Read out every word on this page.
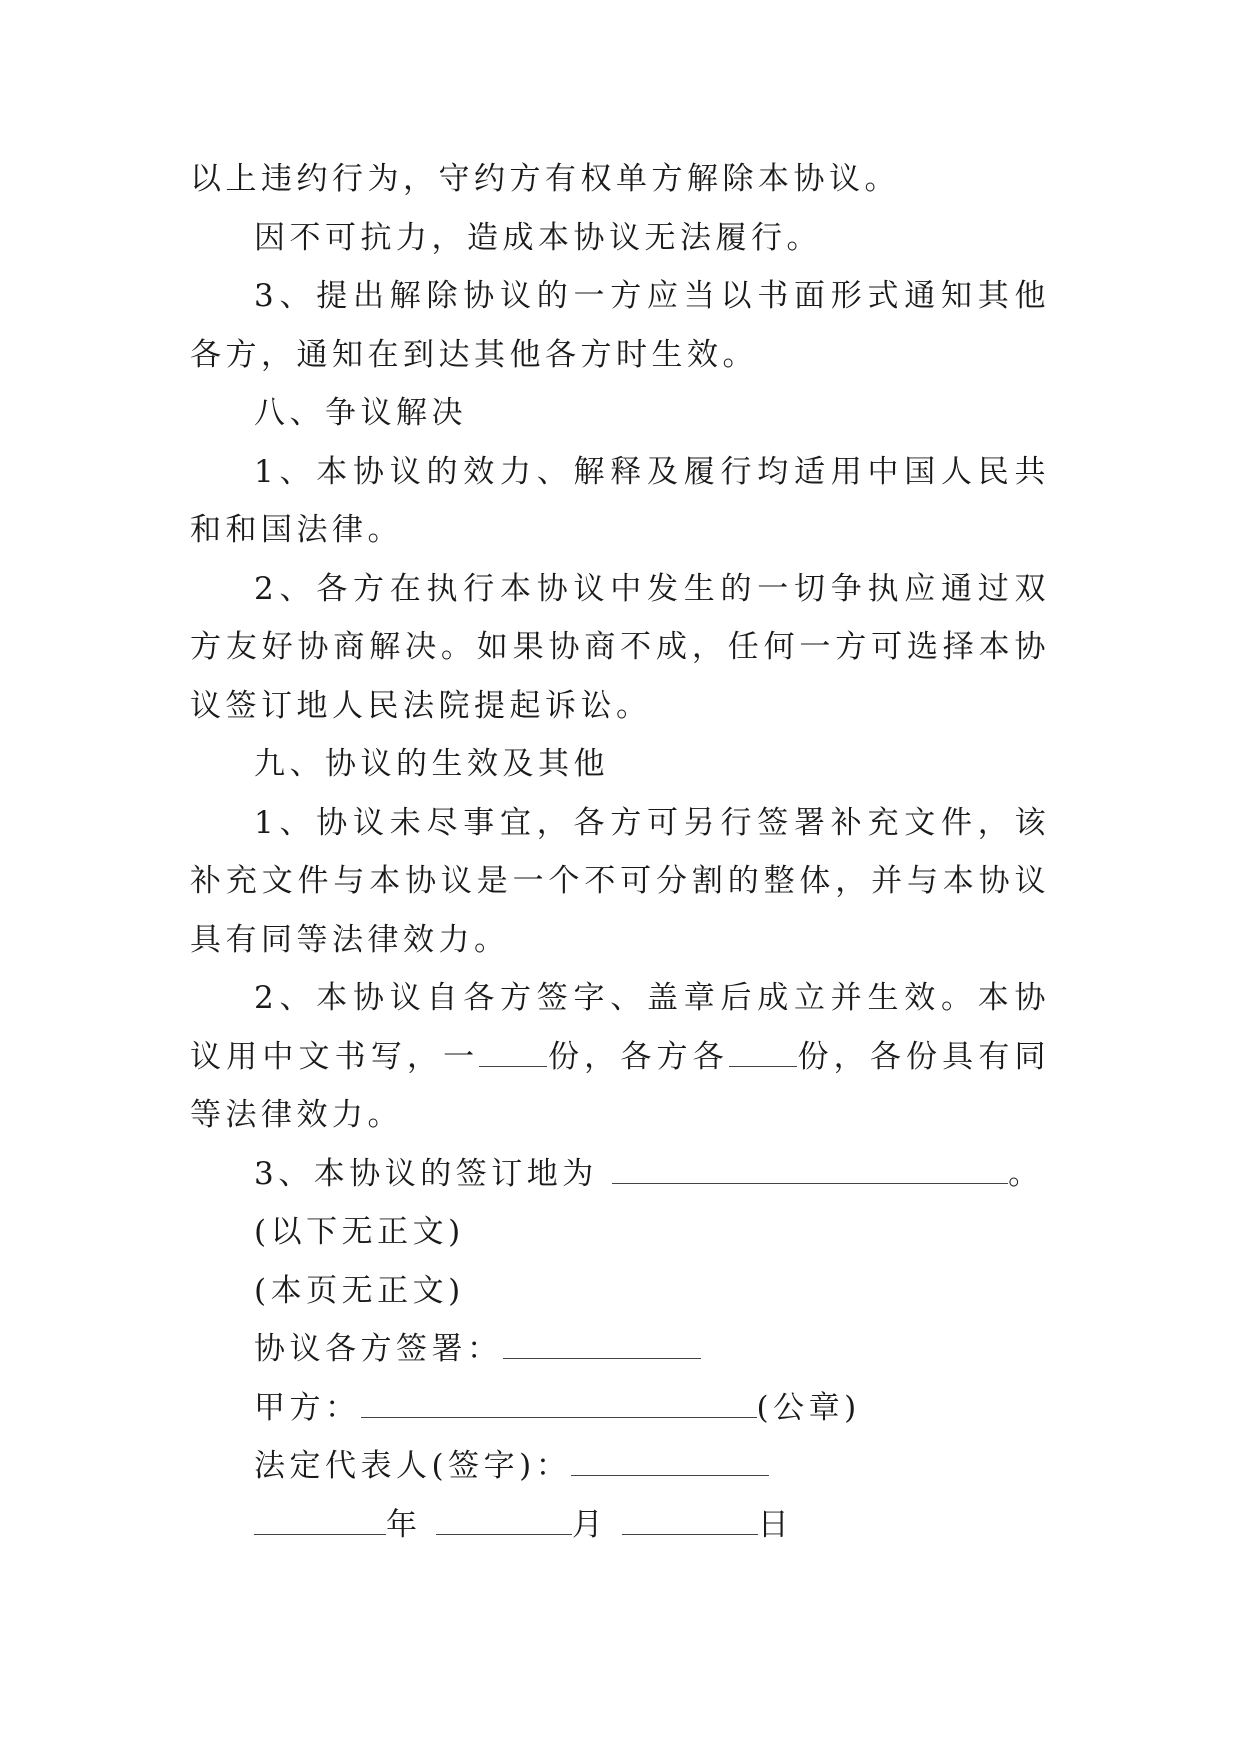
以上违约行为，守约方有权单方解除本协议。

因不可抗力，造成本协议无法履行。

3、提出解除协议的一方应当以书面形式通知其他各方，通知在到达其他各方时生效。

八、争议解决

1、本协议的效力、解释及履行均适用中国人民共和和国法律。

2、各方在执行本协议中发生的一切争执应通过双方友好协商解决。如果协商不成，任何一方可选择本协议签订地人民法院提起诉讼。

九、协议的生效及其他

1、协议未尽事宜，各方可另行签署补充文件，该补充文件与本协议是一个不可分割的整体，并与本协议具有同等法律效力。

2、本协议自各方签字、盖章后成立并生效。本协议用中文书写，一 份，各方各 份，各份具有同等法律效力。

3、本协议的签订地为	。

(以下无正文)

(本页无正文)

协议各方签署：

甲方：	(公章)

法定代表人(签字)：

年	月	日
